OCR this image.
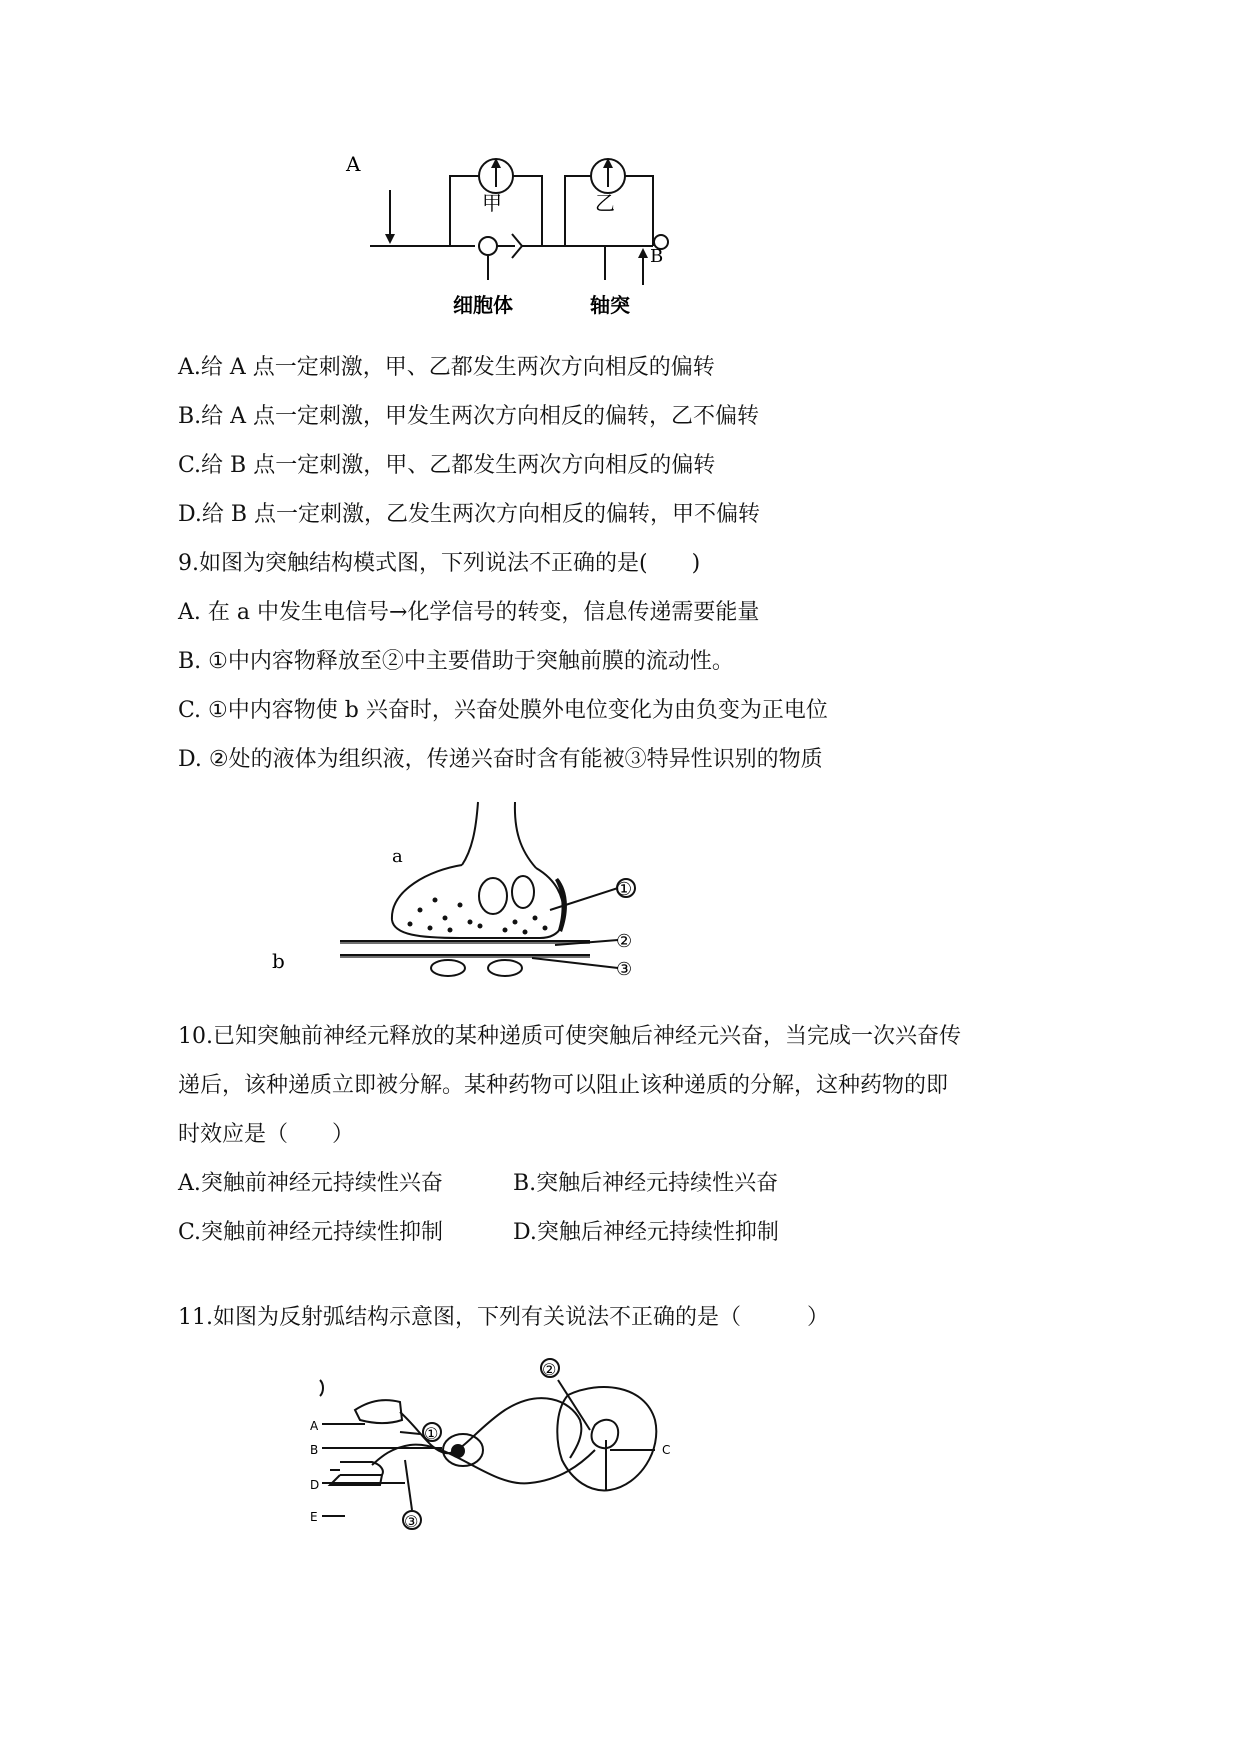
A
甲	乙
B
细胞体	轴突
A.给 A 点一定刺激，甲、乙都发生两次方向相反的偏转
B.给 A 点一定刺激，甲发生两次方向相反的偏转，乙不偏转
C.给 B 点一定刺激，甲、乙都发生两次方向相反的偏转
D.给 B 点一定刺激，乙发生两次方向相反的偏转，甲不偏转
9.如图为突触结构模式图，下列说法不正确的是(　　)
A. 在 a 中发生电信号→化学信号的转变，信息传递需要能量
B. ①中内容物释放至②中主要借助于突触前膜的流动性。
C. ①中内容物使 b 兴奋时，兴奋处膜外电位变化为由负变为正电位
D. ②处的液体为组织液，传递兴奋时含有能被③特异性识别的物质
a
b
①
②
③
10.已知突触前神经元释放的某种递质可使突触后神经元兴奋，当完成一次兴奋传
递后，该种递质立即被分解。某种药物可以阻止该种递质的分解，这种药物的即
时效应是（　　）
A.突触前神经元持续性兴奋	B.突触后神经元持续性兴奋
C.突触前神经元持续性抑制	D.突触后神经元持续性抑制
11.如图为反射弧结构示意图，下列有关说法不正确的是（　　　）
A
B	C
D
E
①
②
③
